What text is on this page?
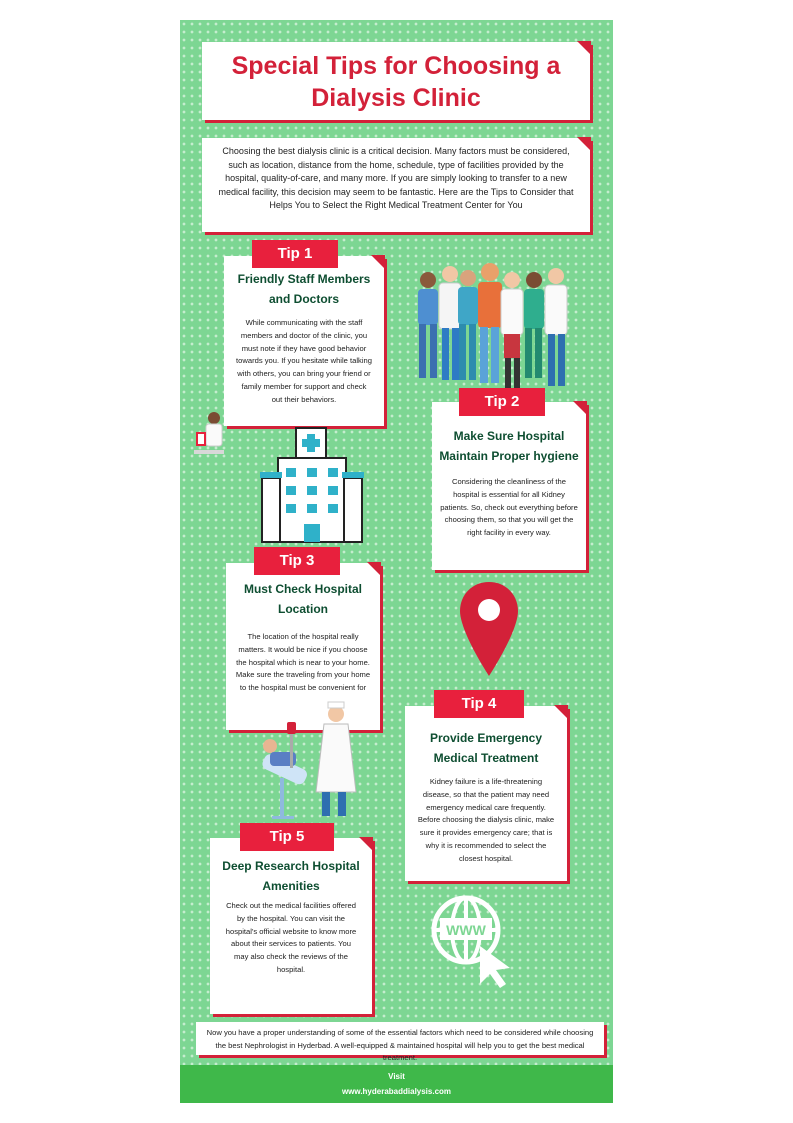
Special Tips for Choosing a
Dialysis Clinic
Choosing the best dialysis clinic is a critical decision. Many factors must be considered, such as location, distance from the home, schedule, type of facilities provided by the hospital, quality-of-care, and many more. If you are simply looking to transfer to a new medical facility, this decision may seem to be fantastic. Here are the Tips to Consider that Helps You to Select the Right Medical Treatment Center for You
Friendly Staff Members
and Doctors
While communicating with the staff members and doctor of the clinic, you must note if they have good behavior towards you. If you hesitate while talking with others, you can bring your friend or family member for support and check out their behaviors.
Tip 1
Make Sure Hospital
Maintain Proper hygiene
Considering the cleanliness of the hospital is essential for all Kidney patients. So, check out everything before choosing them, so that you will get the right facility in every way.
Tip 2
Must Check Hospital
Location
The location of the hospital really matters. It would be nice if you choose the hospital which is near to your home. Make sure the traveling from your home to the hospital must be convenient for
Tip 3
Provide Emergency
Medical Treatment
Kidney failure is a life-threatening disease, so that the patient may need emergency medical care frequently. Before choosing the dialysis clinic, make sure it provides emergency care; that is why it is recommended to select the closest hospital.
Tip 4
Deep Research Hospital
Amenities
Check out the medical facilities offered by the hospital. You can visit the hospital's official website to know more about their services to patients. You may also check the reviews of the hospital.
Tip 5
WWW
Now you have a proper understanding of some of the essential factors which need to be considered while choosing the best Nephrologist in Hyderbad. A well-equipped & maintained hospital will help you to get the best medical treatment.
Visit
www.hyderabaddialysis.com
